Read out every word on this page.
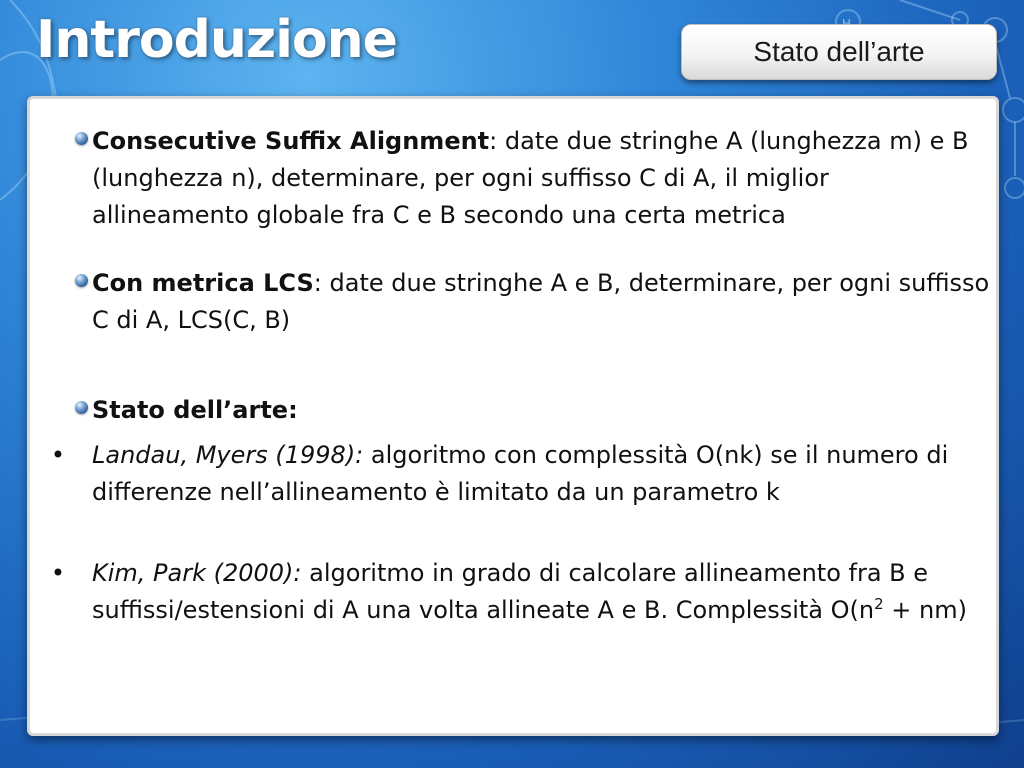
Introduzione	Stato dell’arte
Consecutive Suffix Alignment: date due stringhe A (lunghezza m) e B (lunghezza n), determinare, per ogni suffisso C di A, il miglior allineamento globale fra C e B secondo una certa metrica
Con metrica LCS: date due stringhe A e B, determinare, per ogni suffisso C di A, LCS(C, B)
Stato dell’arte:
• Landau, Myers (1998): algoritmo con complessità O(nk) se il numero di differenze nell’allineamento è limitato da un parametro k
• Kim, Park (2000): algoritmo in grado di calcolare allineamento fra B e suffissi/estensioni di A una volta allineate A e B. Complessità $O(n^2 + nm)$
